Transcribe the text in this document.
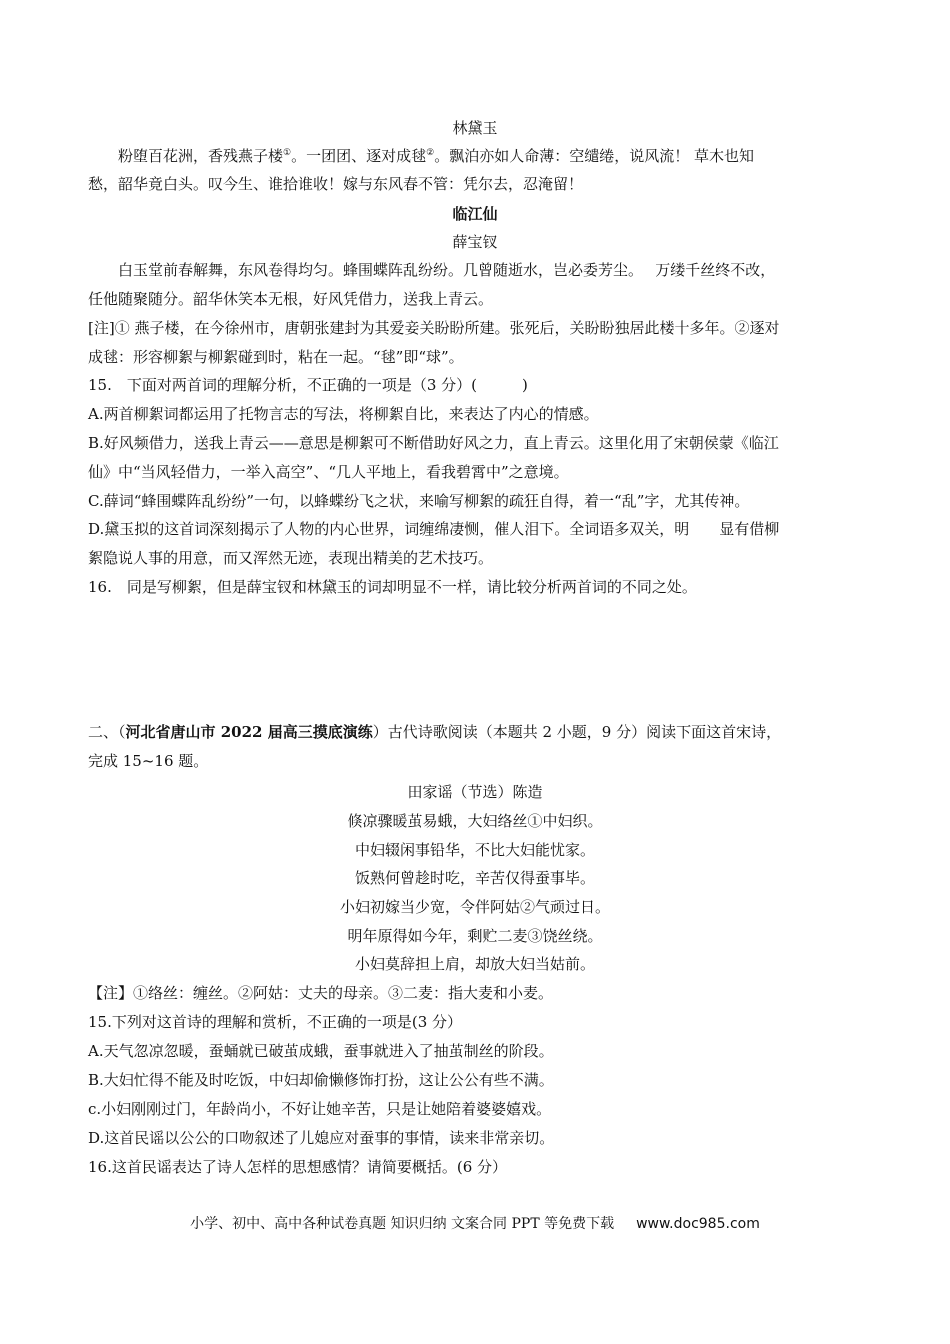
林黛玉
粉堕百花洲，香残燕子楼①。一团团、逐对成毬②。飘泊亦如人命薄：空缱绻，说风流！ 草木也知
愁，韶华竟白头。叹今生、谁拾谁收！嫁与东风春不管：凭尔去，忍淹留！
临江仙
薛宝钗
白玉堂前春解舞，东风卷得均匀。蜂围蝶阵乱纷纷。几曾随逝水，岂必委芳尘。　 万缕千丝终不改，
任他随聚随分。韶华休笑本无根，好风凭借力，送我上青云。
[注]① 燕子楼，在今徐州市，唐朝张建封为其爱妾关盼盼所建。张死后，关盼盼独居此楼十多年。②逐对
成毬：形容柳絮与柳絮碰到时，粘在一起。“毬”即“球”。
15.　下面对两首词的理解分析，不正确的一项是（3 分）(　　　)
A.两首柳絮词都运用了托物言志的写法，将柳絮自比，来表达了内心的情感。
B.好风频借力，送我上青云——意思是柳絮可不断借助好风之力，直上青云。这里化用了宋朝侯蒙《临江
仙》中“当风轻借力，一举入高空”、“几人平地上，看我碧霄中”之意境。
C.薛词“蜂围蝶阵乱纷纷”一句，以蜂蝶纷飞之状，来喻写柳絮的疏狂自得，着一“乱”字，尤其传神。
D.黛玉拟的这首词深刻揭示了人物的内心世界，词缠绵凄恻，催人泪下。全词语多双关，明　　显有借柳
絮隐说人事的用意，而又浑然无迹，表现出精美的艺术技巧。
16.　同是写柳絮，但是薛宝钗和林黛玉的词却明显不一样，请比较分析两首词的不同之处。
二、（河北省唐山市 2022 届高三摸底演练）古代诗歌阅读（本题共 2 小题，9 分）阅读下面这首宋诗，
完成 15~16 题。
田家谣（节选）陈造
倏凉骤暖茧易蛾，大妇络丝①中妇织。
中妇辍闲事铅华，不比大妇能忧家。
饭熟何曾趁时吃，辛苦仅得蚕事毕。
小妇初嫁当少宽，令伴阿姑②气顽过日。
明年原得如今年，剩贮二麦③饶丝绕。
小妇莫辞担上肩，却放大妇当姑前。
【注】①络丝：缠丝。②阿姑：丈夫的母亲。③二麦：指大麦和小麦。
15.下列对这首诗的理解和赏析，不正确的一项是(3 分）
A.天气忽凉忽暖，蚕蛹就已破茧成蛾，蚕事就进入了抽茧制丝的阶段。
B.大妇忙得不能及时吃饭，中妇却偷懒修饰打扮，这让公公有些不满。
c.小妇刚刚过门，年龄尚小，不好让她辛苦，只是让她陪着婆婆嬉戏。
D.这首民谣以公公的口吻叙述了儿媳应对蚕事的事情，读来非常亲切。
16.这首民谣表达了诗人怎样的思想感情？请简要概括。(6 分）
小学、初中、高中各种试卷真题 知识归纳 文案合同 PPT 等免费下载 www.doc985.com
